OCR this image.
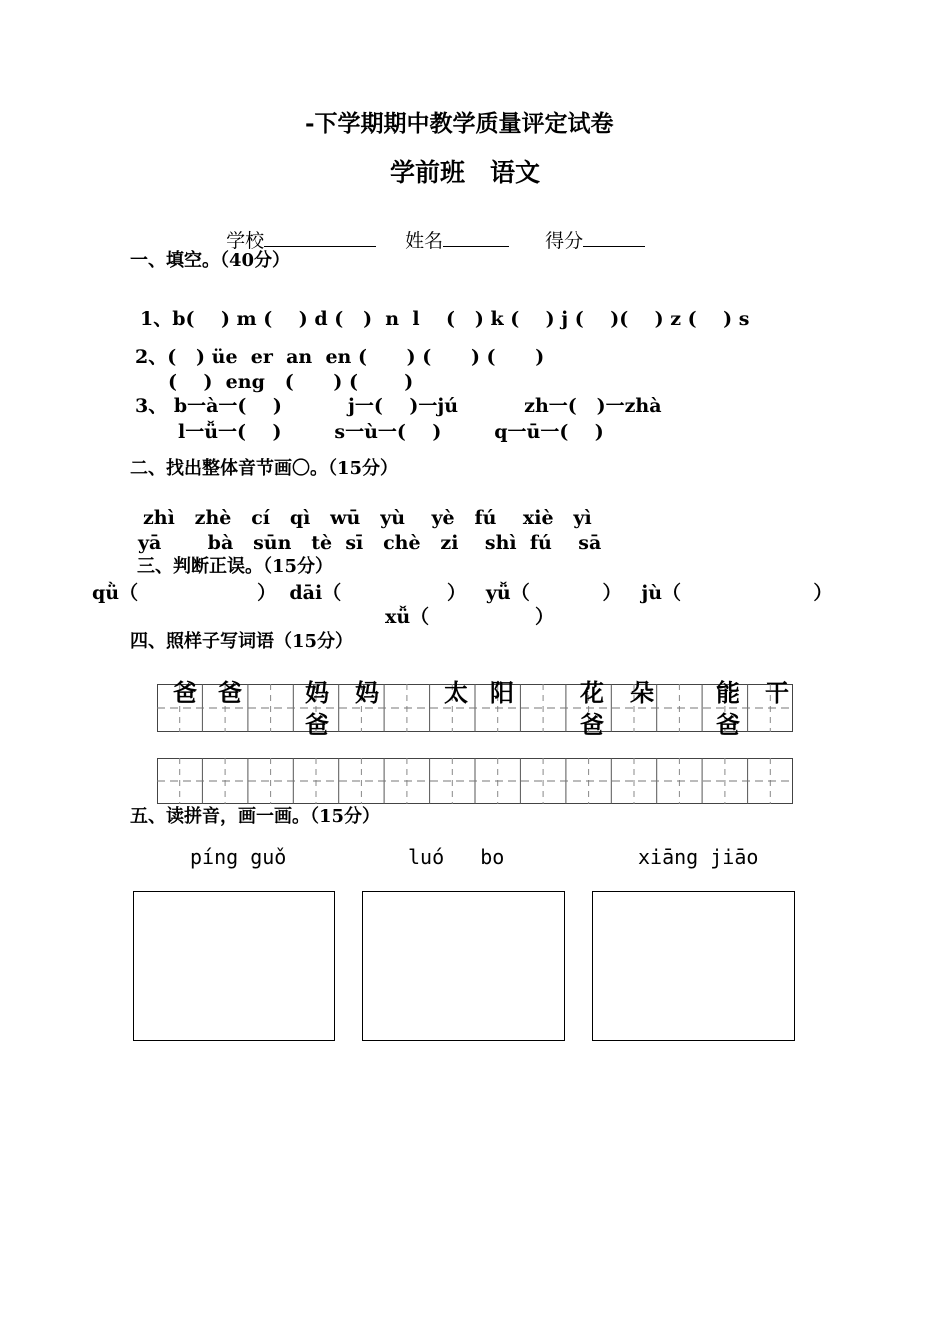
-下学期期中教学质量评定试卷
学前班　语文

学校	姓名	得分

一、填空。（40分）
1、b(    ) m (    ) d (   )  n  l    (   ) k (    ) j (    )(    ) z (    ) s
2、(   ) üe  er  an  en (      ) (      ) (      )
(    )  eng   (      ) (       )
3、 b一à一(    )          j一(    )一jú          zh一(   )一zhà
l一ǚ一(    )        s一ù一(    )        q一ū一(    )
二、找出整体音节画〇。（15分）
zhì   zhè   cí   qì   wū   yù    yè   fú    xiè   yì
yā       bà   sūn   tè  sī   chè   zi    shì  fú    sā
三、判断正误。（15分）
qǜ（                  ）  dāi（                ）   yǚ（           ）   jù（                    ）
xǚ（                ）
四、照样子写词语（15分）
爸 爸	妈 妈	太 阳	花 朵	能 干
爸	爸	爸
五、读拼音，画一画。（15分）
píng guǒ	luó   bo	xiāng jiāo
